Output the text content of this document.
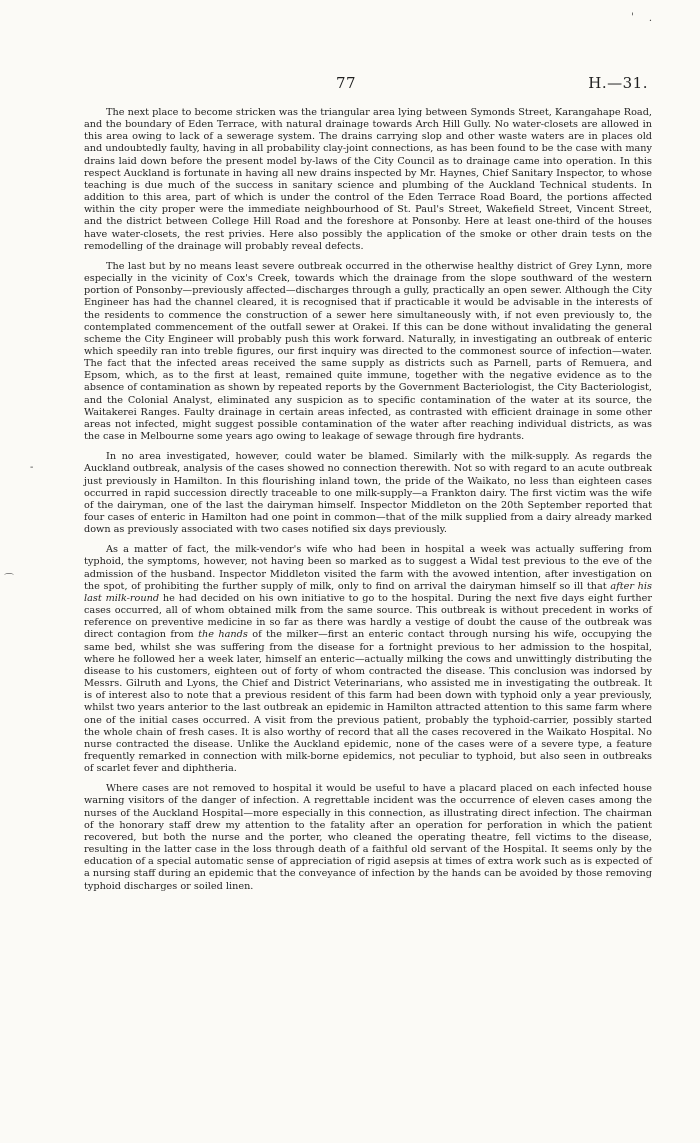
' ·
77	H.—31.

The next place to become stricken was the triangular area lying between Symonds Street, Karangahape Road, and the boundary of Eden Terrace, with natural drainage towards Arch Hill Gully. No water-closets are allowed in this area owing to lack of a sewerage system. The drains carrying slop and other waste waters are in places old and undoubtedly faulty, having in all probability clay-joint connections, as has been found to be the case with many drains laid down before the present model by-laws of the City Council as to drainage came into operation. In this respect Auckland is fortunate in having all new drains inspected by Mr. Haynes, Chief Sanitary Inspector, to whose teaching is due much of the success in sanitary science and plumbing of the Auckland Technical students. In addition to this area, part of which is under the control of the Eden Terrace Road Board, the portions affected within the city proper were the immediate neighbourhood of St. Paul's Street, Wakefield Street, Vincent Street, and the district between College Hill Road and the foreshore at Ponsonby. Here at least one-third of the houses have water-closets, the rest privies. Here also possibly the application of the smoke or other drain tests on the remodelling of the drainage will probably reveal defects.

The last but by no means least severe outbreak occurred in the otherwise healthy district of Grey Lynn, more especially in the vicinity of Cox's Creek, towards which the drainage from the slope southward of the western portion of Ponsonby—previously affected—discharges through a gully, practically an open sewer. Although the City Engineer has had the channel cleared, it is recognised that if practicable it would be advisable in the interests of the residents to commence the construction of a sewer here simultaneously with, if not even previously to, the contemplated commencement of the outfall sewer at Orakei. If this can be done without invalidating the general scheme the City Engineer will probably push this work forward. Naturally, in investigating an outbreak of enteric which speedily ran into treble figures, our first inquiry was directed to the commonest source of infection—water. The fact that the infected areas received the same supply as districts such as Parnell, parts of Remuera, and Epsom, which, as to the first at least, remained quite immune, together with the negative evidence as to the absence of contamination as shown by repeated reports by the Government Bacteriologist, the City Bacteriologist, and the Colonial Analyst, eliminated any suspicion as to specific contamination of the water at its source, the Waitakerei Ranges. Faulty drainage in certain areas infected, as contrasted with efficient drainage in some other areas not infected, might suggest possible contamination of the water after reaching individual districts, as was the case in Melbourne some years ago owing to leakage of sewage through fire hydrants.

In no area investigated, however, could water be blamed. Similarly with the milk-supply. As regards the Auckland outbreak, analysis of the cases showed no connection therewith. Not so with regard to an acute outbreak just previously in Hamilton. In this flourishing inland town, the pride of the Waikato, no less than eighteen cases occurred in rapid succession directly traceable to one milk-supply—a Frankton dairy. The first victim was the wife of the dairyman, one of the last the dairyman himself. Inspector Middleton on the 20th September reported that four cases of enteric in Hamilton had one point in common—that of the milk supplied from a dairy already marked down as previously associated with two cases notified six days previously.

As a matter of fact, the milk-vendor's wife who had been in hospital a week was actually suffering from typhoid, the symptoms, however, not having been so marked as to suggest a Widal test previous to the eve of the admission of the husband. Inspector Middleton visited the farm with the avowed intention, after investigation on the spot, of prohibiting the further supply of milk, only to find on arrival the dairyman himself so ill that after his last milk-round he had decided on his own initiative to go to the hospital. During the next five days eight further cases occurred, all of whom obtained milk from the same source. This outbreak is without precedent in works of reference on preventive medicine in so far as there was hardly a vestige of doubt the cause of the outbreak was direct contagion from the hands of the milker—first an enteric contact through nursing his wife, occupying the same bed, whilst she was suffering from the disease for a fortnight previous to her admission to the hospital, where he followed her a week later, himself an enteric—actually milking the cows and unwittingly distributing the disease to his customers, eighteen out of forty of whom contracted the disease. This conclusion was indorsed by Messrs. Gilruth and Lyons, the Chief and District Veterinarians, who assisted me in investigating the outbreak. It is of interest also to note that a previous resident of this farm had been down with typhoid only a year previously, whilst two years anterior to the last outbreak an epidemic in Hamilton attracted attention to this same farm where one of the initial cases occurred. A visit from the previous patient, probably the typhoid-carrier, possibly started the whole chain of fresh cases. It is also worthy of record that all the cases recovered in the Waikato Hospital. No nurse contracted the disease. Unlike the Auckland epidemic, none of the cases were of a severe type, a feature frequently remarked in connection with milk-borne epidemics, not peculiar to typhoid, but also seen in outbreaks of scarlet fever and diphtheria.

Where cases are not removed to hospital it would be useful to have a placard placed on each infected house warning visitors of the danger of infection. A regrettable incident was the occurrence of eleven cases among the nurses of the Auckland Hospital—more especially in this connection, as illustrating direct infection. The chairman of the honorary staff drew my attention to the fatality after an operation for perforation in which the patient recovered, but both the nurse and the porter, who cleaned the operating theatre, fell victims to the disease, resulting in the latter case in the loss through death of a faithful old servant of the Hospital. It seems only by the education of a special automatic sense of appreciation of rigid asepsis at times of extra work such as is expected of a nursing staff during an epidemic that the conveyance of infection by the hands can be avoided by those removing typhoid discharges or soiled linen.

-
⌒
